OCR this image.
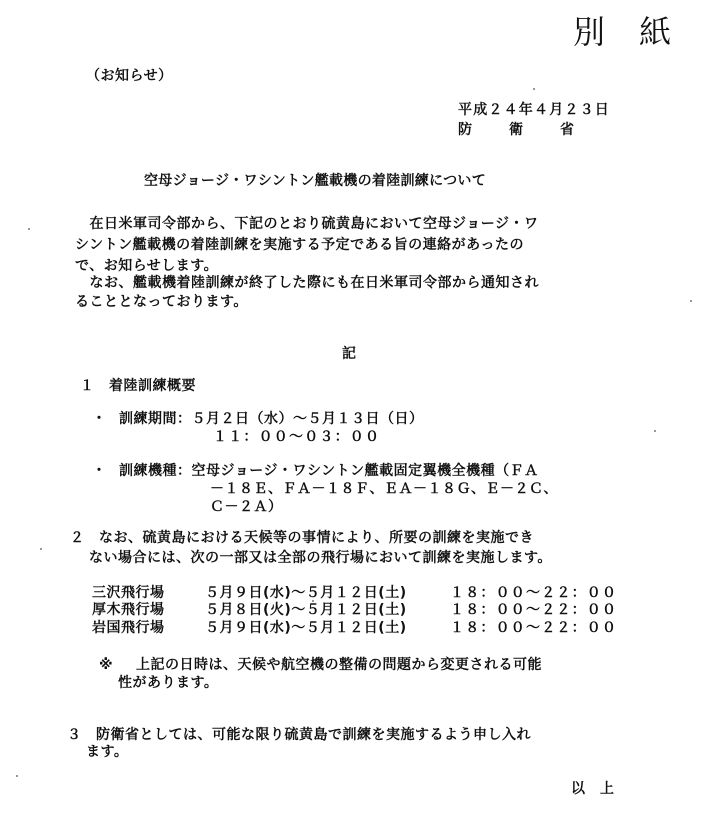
別 紙
（お知らせ）
平成２４年４月２３日
防　　衛　　省
空母ジョージ・ワシントン艦載機の着陸訓練について
　在日米軍司令部から、下記のとおり硫黄島において空母ジョージ・ワ
シントン艦載機の着陸訓練を実施する予定である旨の連絡があったの
で、お知らせします。
　なお、艦載機着陸訓練が終了した際にも在日米軍司令部から通知され
ることとなっております。
記
１　着陸訓練概要
・ 訓練期間：５月２日（水）～５月１３日（日）
１１：００～０３：００
・ 訓練機種：空母ジョージ・ワシントン艦載固定翼機全機種（ＦＡ
－１８Ｅ、ＦＡ－１８Ｆ、ＥＡ－１８Ｇ、Ｅ－２Ｃ、
Ｃ－２Ａ）
２　なお、硫黄島における天候等の事情により、所要の訓練を実施でき
ない場合には、次の一部又は全部の飛行場において訓練を実施します。
三沢飛行場	５月９日(水)～５月１２日(土)	１８：００～２２：００
厚木飛行場	５月８日(火)～５月１２日(土)	１８：００～２２：００
岩国飛行場	５月９日(水)～５月１２日(土)	１８：００～２２：００
※ 上記の日時は、天候や航空機の整備の問題から変更される可能
性があります。
３　防衛省としては、可能な限り硫黄島で訓練を実施するよう申し入れ
ます。
以　上
